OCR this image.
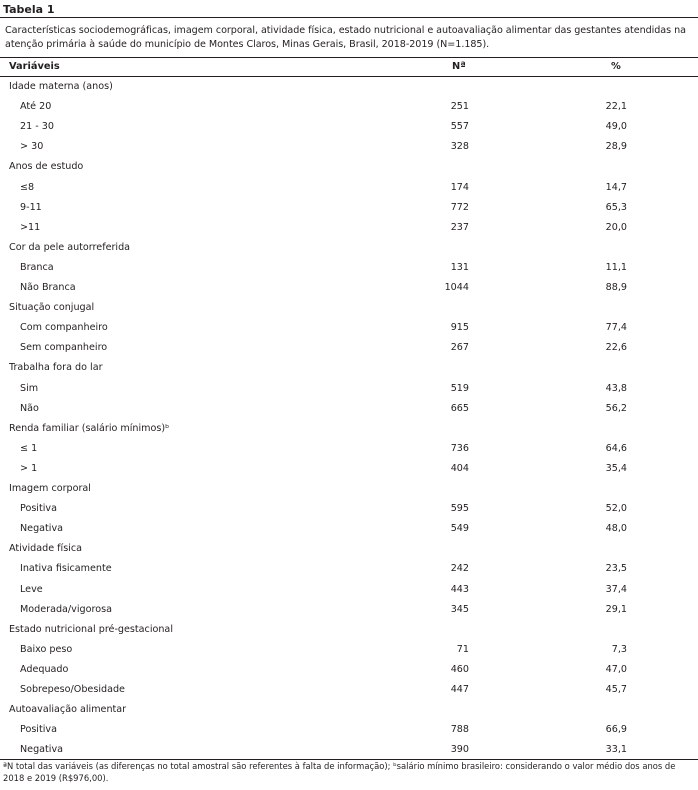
Tabela 1
Características sociodemográficas, imagem corporal, atividade física, estado nutricional e autoavaliação alimentar das gestantes atendidas na atenção primária à saúde do município de Montes Claros, Minas Gerais, Brasil, 2018-2019 (N=1.185).
Variáveis	Nª	%
Idade materna (anos)
Até 20	251	22,1
21 - 30	557	49,0
> 30	328	28,9
Anos de estudo
≤8	174	14,7
9-11	772	65,3
>11	237	20,0
Cor da pele autorreferida
Branca	131	11,1
Não Branca	1044	88,9
Situação conjugal
Com companheiro	915	77,4
Sem companheiro	267	22,6
Trabalha fora do lar
Sim	519	43,8
Não	665	56,2
Renda familiar (salário mínimos)ᵇ
≤ 1	736	64,6
> 1	404	35,4
Imagem corporal
Positiva	595	52,0
Negativa	549	48,0
Atividade física
Inativa fisicamente	242	23,5
Leve	443	37,4
Moderada/vigorosa	345	29,1
Estado nutricional pré-gestacional
Baixo peso	71	7,3
Adequado	460	47,0
Sobrepeso/Obesidade	447	45,7
Autoavaliação alimentar
Positiva	788	66,9
Negativa	390	33,1
ªN total das variáveis (as diferenças no total amostral são referentes à falta de informação); ᵇsalário mínimo brasileiro: considerando o valor médio dos anos de 2018 e 2019 (R$976,00).
